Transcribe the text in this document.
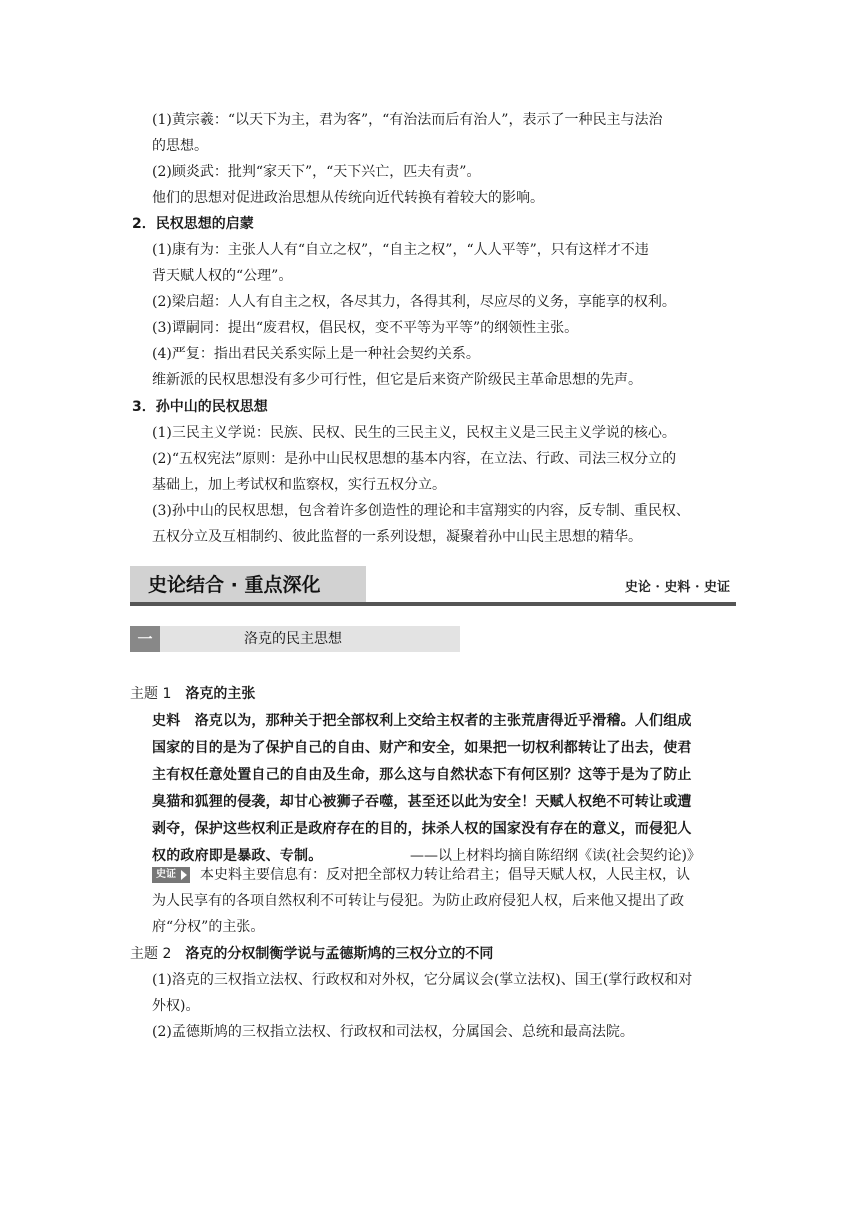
(1)黄宗羲：“以天下为主，君为客”，“有治法而后有治人”，表示了一种民主与法治
的思想。
(2)顾炎武：批判“家天下”，“天下兴亡，匹夫有责”。
他们的思想对促进政治思想从传统向近代转换有着较大的影响。
2．民权思想的启蒙
(1)康有为：主张人人有“自立之权”，“自主之权”，“人人平等”，只有这样才不违
背天赋人权的“公理”。
(2)梁启超：人人有自主之权，各尽其力，各得其利，尽应尽的义务，享能享的权利。
(3)谭嗣同：提出“废君权，倡民权，变不平等为平等”的纲领性主张。
(4)严复：指出君民关系实际上是一种社会契约关系。
维新派的民权思想没有多少可行性，但它是后来资产阶级民主革命思想的先声。
3．孙中山的民权思想
(1)三民主义学说：民族、民权、民生的三民主义，民权主义是三民主义学说的核心。
(2)“五权宪法”原则：是孙中山民权思想的基本内容，在立法、行政、司法三权分立的
基础上，加上考试权和监察权，实行五权分立。
(3)孙中山的民权思想，包含着许多创造性的理论和丰富翔实的内容，反专制、重民权、
五权分立及互相制约、彼此监督的一系列设想，凝聚着孙中山民主思想的精华。
史论结合 · 重点深化	史论 · 史料 · 史证
一	洛克的民主思想
主题 1 洛克的主张
史料　洛克以为，那种关于把全部权利上交给主权者的主张荒唐得近乎滑稽。人们组成
国家的目的是为了保护自己的自由、财产和安全，如果把一切权利都转让了出去，使君
主有权任意处置自己的自由及生命，那么这与自然状态下有何区别？这等于是为了防止
臭猫和狐狸的侵袭，却甘心被狮子吞噬，甚至还以此为安全！天赋人权绝不可转让或遭
剥夺，保护这些权利正是政府存在的目的，抹杀人权的国家没有存在的意义，而侵犯人
权的政府即是暴政、专制。	——以上材料均摘自陈绍纲《读(社会契约论)》
史证 本史料主要信息有：反对把全部权力转让给君主；倡导天赋人权，人民主权，认
为人民享有的各项自然权利不可转让与侵犯。为防止政府侵犯人权，后来他又提出了政
府“分权”的主张。
主题 2 洛克的分权制衡学说与孟德斯鸠的三权分立的不同
(1)洛克的三权指立法权、行政权和对外权，它分属议会(掌立法权)、国王(掌行政权和对
外权)。
(2)孟德斯鸠的三权指立法权、行政权和司法权，分属国会、总统和最高法院。
